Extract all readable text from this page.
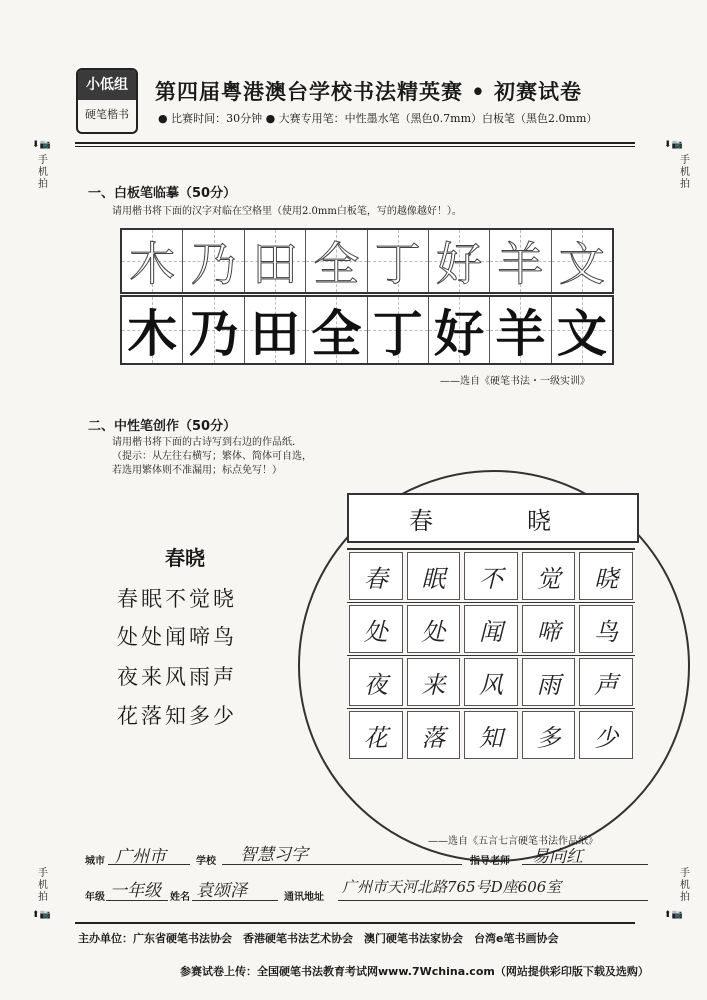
小低组
硬笔楷书
第四届粤港澳台学校书法精英赛 • 初赛试卷
● 比赛时间：30分钟 ● 大赛专用笔：中性墨水笔（黑色0.7mm）白板笔（黑色2.0mm）
⬇📷
手机拍
⬇📷
手机拍
手机拍
⬆📷
手机拍
⬆📷
一、白板笔临摹（50分）
请用楷书将下面的汉字对临在空格里（使用2.0mm白板笔，写的越像越好！）。
木 乃 田 全 丁 好 羊 文
木 乃 田 全 丁 好 羊 文
——选自《硬笔书法・一级实训》
二、中性笔创作（50分）
请用楷书将下面的古诗写到右边的作品纸．
（提示：从左往右横写；繁体、简体可自选，
若选用繁体则不准漏用；标点免写！）
春晓
春眠不觉晓
处处闻啼鸟
夜来风雨声
花落知多少
春	晓
春	眠	不	觉	晓
处	处	闻	啼	鸟
夜	来	风	雨	声
花	落	知	多	少
——选自《五言七言硬笔书法作品纸》
城市 广州市	学校 智慧习字	指导老师 易向红
年级 一年级 姓名 袁颂泽	通讯地址
广州市天河北路765号D座606室
主办单位：广东省硬笔书法协会　香港硬笔书法艺术协会　澳门硬笔书法家协会　台湾e笔书画协会
参赛试卷上传：全国硬笔书法教育考试网www.7Wchina.com（网站提供彩印版下载及选购）
